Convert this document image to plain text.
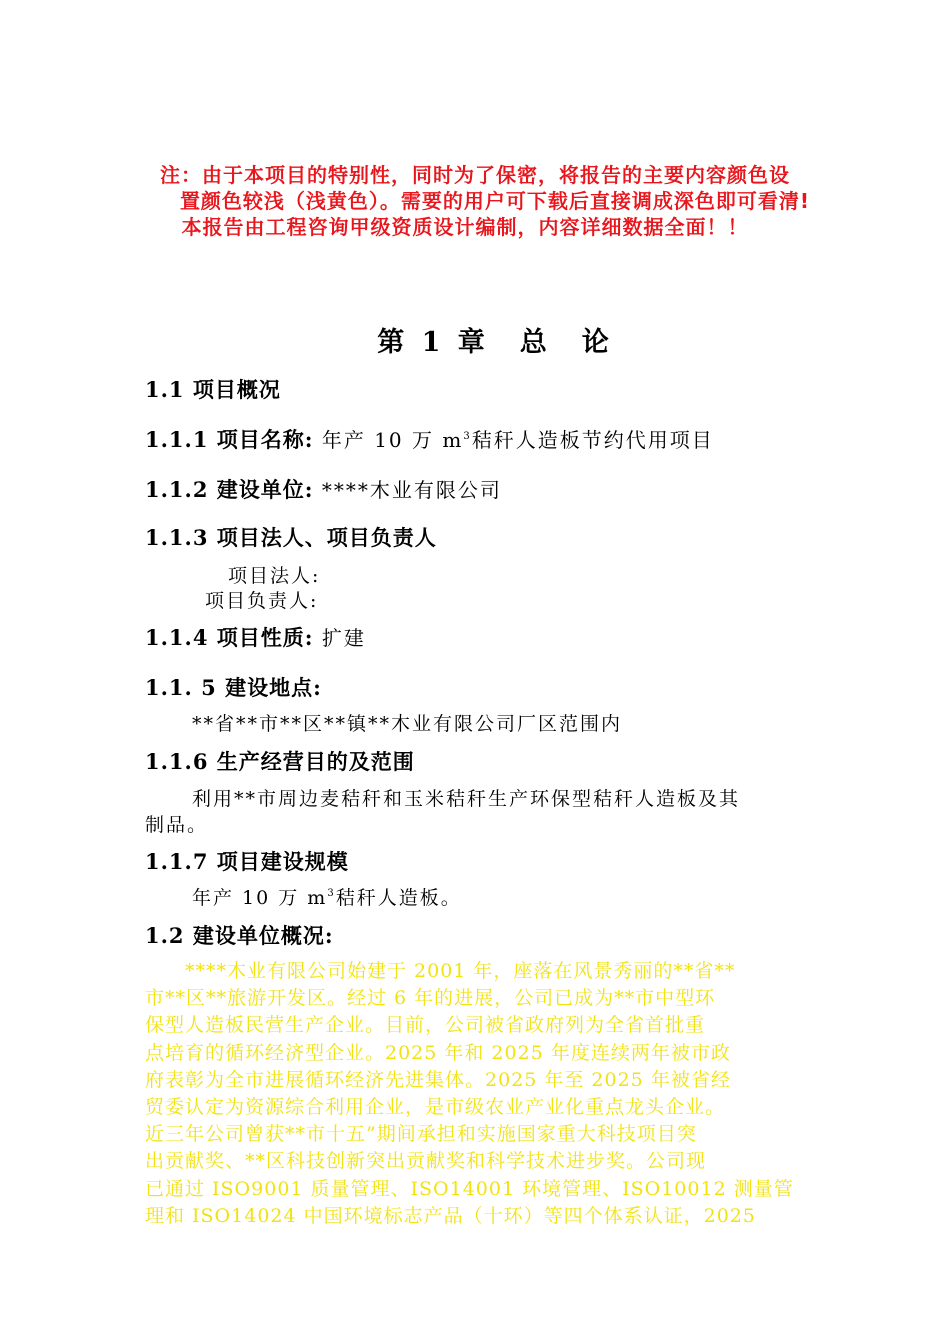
注：由于本项目的特别性，同时为了保密，将报告的主要内容颜色设
置颜色较浅（浅黄色）。需要的用户可下载后直接调成深色即可看清!
本报告由工程咨询甲级资质设计编制，内容详细数据全面！！
第 1 章　总　论
1.1 项目概况
1.1.1 项目名称: 年产 10 万 $m^3$秸秆人造板节约代用项目
1.1.2 建设单位: ****木业有限公司
1.1.3 项目法人、项目负责人
项目法人:
项目负责人:
1.1.4 项目性质: 扩建
1.1. 5 建设地点:
**省**市**区**镇**木业有限公司厂区范围内
1.1.6 生产经营目的及范围
利用**市周边麦秸秆和玉米秸秆生产环保型秸秆人造板及其
制品。
1.1.7 项目建设规模
年产 10 万 $m^3$秸秆人造板。
1.2 建设单位概况:
　　****木业有限公司始建于 2001 年，座落在风景秀丽的**省**
市**区**旅游开发区。经过 6 年的进展，公司已成为**市中型环
保型人造板民营生产企业。目前，公司被省政府列为全省首批重
点培育的循环经济型企业。2025 年和 2025 年度连续两年被市政
府表彰为全市进展循环经济先进集体。2025 年至 2025 年被省经
贸委认定为资源综合利用企业，是市级农业产业化重点龙头企业。
近三年公司曾获**市十五”期间承担和实施国家重大科技项目突
出贡献奖、**区科技创新突出贡献奖和科学技术进步奖。公司现
已通过 ISO9001 质量管理、ISO14001 环境管理、ISO10012 测量管
理和 ISO14024 中国环境标志产品（十环）等四个体系认证，2025
